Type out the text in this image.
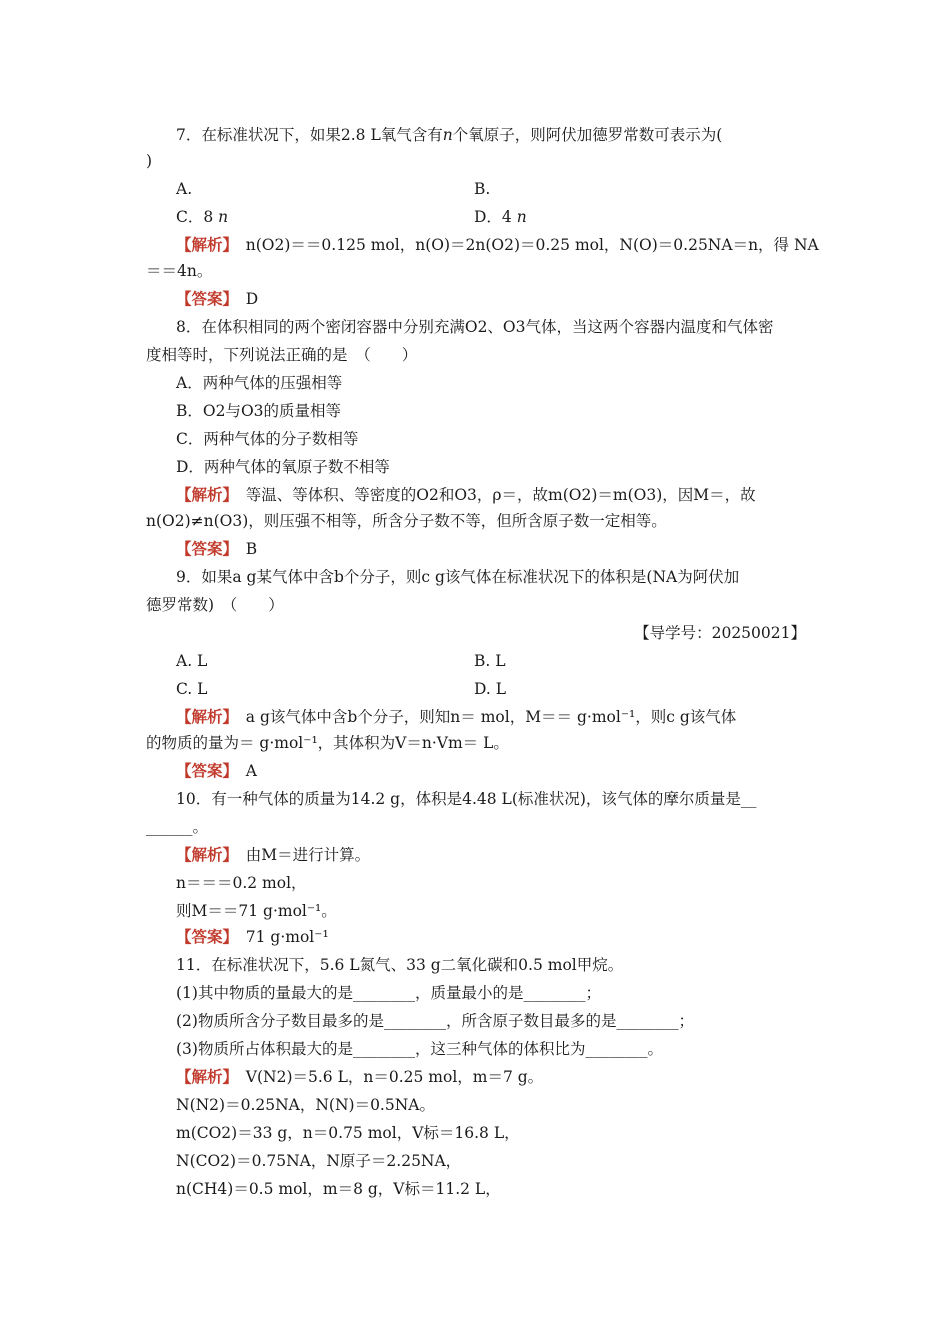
7．在标准状况下，如果2.8 L氧气含有n个氧原子，则阿伏加德罗常数可表示为(
)
A.	B.
C．8 n	D．4 n
【解析】　 n(O2)＝＝0.125 mol，n(O)＝2n(O2)＝0.25 mol，N(O)＝0.25NA＝n，得 NA
＝＝4n。
【答案】　 D
8．在体积相同的两个密闭容器中分别充满O2、O3气体，当这两个容器内温度和气体密
度相等时，下列说法正确的是　（　　）
A．两种气体的压强相等
B．O2与O3的质量相等
C．两种气体的分子数相等
D．两种气体的氧原子数不相等
【解析】　 等温、等体积、等密度的O2和O3，ρ＝，故m(O2)＝m(O3)，因M＝，故
n(O2)≠n(O3)，则压强不相等，所含分子数不等，但所含原子数一定相等。
【答案】　 B
9．如果a g某气体中含b个分子，则c g该气体在标准状况下的体积是(NA为阿伏加
德罗常数)　（　　）
【导学号：20250021】
A. L	B. L
C. L	D. L
【解析】　 a g该气体中含b个分子，则知n＝ mol，M＝＝ g·mol⁻¹，则c g该气体
的物质的量为＝ g·mol⁻¹，其体积为V＝n·Vm＝ L。
【答案】　 A
10．有一种气体的质量为14.2 g，体积是4.48 L(标准状况)，该气体的摩尔质量是__
______。
【解析】　 由M＝进行计算。
n＝＝＝0.2 mol，
则M＝＝71 g·mol⁻¹。
【答案】　 71 g·mol⁻¹
11．在标准状况下，5.6 L氮气、33 g二氧化碳和0.5 mol甲烷。
(1)其中物质的量最大的是________，质量最小的是________；
(2)物质所含分子数目最多的是________，所含原子数目最多的是________；
(3)物质所占体积最大的是________，这三种气体的体积比为________。
【解析】　 V(N2)＝5.6 L，n＝0.25 mol，m＝7 g。
N(N2)＝0.25NA，N(N)＝0.5NA。
m(CO2)＝33 g，n＝0.75 mol，V标＝16.8 L，
N(CO2)＝0.75NA，N原子＝2.25NA，
n(CH4)＝0.5 mol，m＝8 g，V标＝11.2 L，
